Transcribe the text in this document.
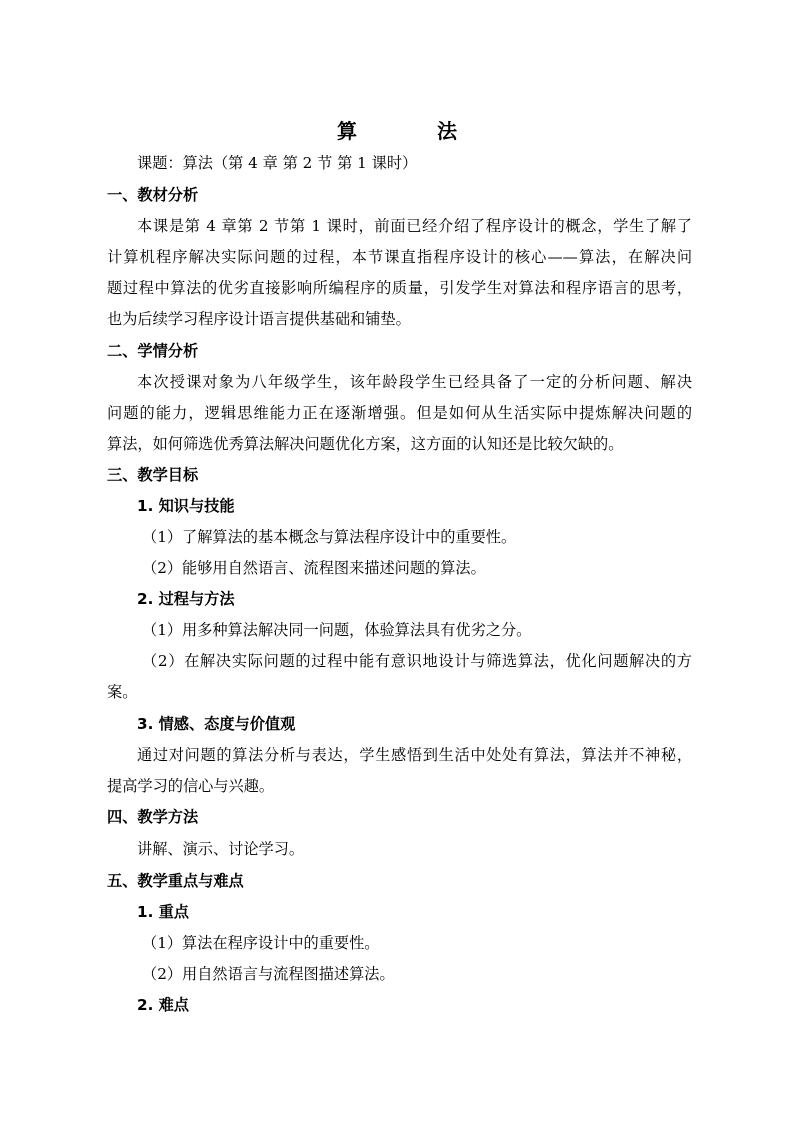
算　法
课题：算法（第 4 章 第 2 节 第 1 课时）
一、教材分析
本课是第 4 章第 2 节第 1 课时，前面已经介绍了程序设计的概念，学生了解了
计算机程序解决实际问题的过程，本节课直指程序设计的核心——算法，在解决问
题过程中算法的优劣直接影响所编程序的质量，引发学生对算法和程序语言的思考，
也为后续学习程序设计语言提供基础和铺垫。
二、学情分析
本次授课对象为八年级学生，该年龄段学生已经具备了一定的分析问题、解决
问题的能力，逻辑思维能力正在逐渐增强。但是如何从生活实际中提炼解决问题的
算法，如何筛选优秀算法解决问题优化方案，这方面的认知还是比较欠缺的。
三、教学目标
1. 知识与技能
（1）了解算法的基本概念与算法程序设计中的重要性。
（2）能够用自然语言、流程图来描述问题的算法。
2. 过程与方法
（1）用多种算法解决同一问题，体验算法具有优劣之分。
（2）在解决实际问题的过程中能有意识地设计与筛选算法，优化问题解决的方
案。
3. 情感、态度与价值观
通过对问题的算法分析与表达，学生感悟到生活中处处有算法，算法并不神秘，
提高学习的信心与兴趣。
四、教学方法
讲解、演示、讨论学习。
五、教学重点与难点
1. 重点
（1）算法在程序设计中的重要性。
（2）用自然语言与流程图描述算法。
2. 难点
